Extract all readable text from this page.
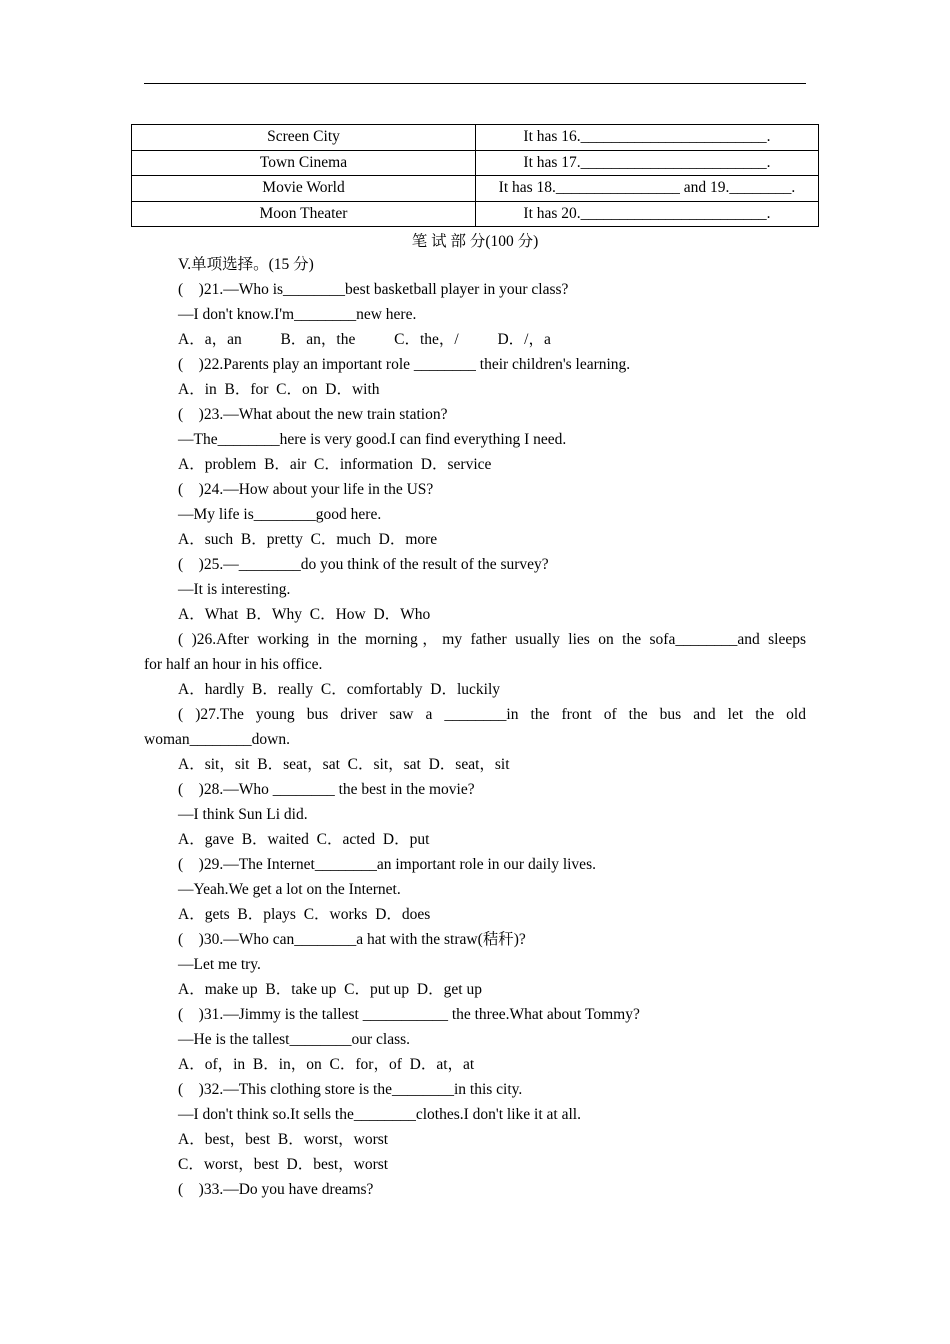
Screen City	It has 16.________________________.
Town Cinema	It has 17.________________________.
Movie World	It has 18.________________ and 19.________.
Moon Theater	It has 20.________________________.
笔 试 部 分(100 分)
V.单项选择。(15 分)
(    )21.—Who is________best basketball player in your class?
—I don't know.I'm________new here.
A．a，an          B．an，the          C．the，/          D．/，a
(    )22.Parents play an important role ________ their children's learning.
A．in  B．for  C．on  D．with
(    )23.—What about the new train station?
—The________here is very good.I can find everything I need.
A．problem  B．air  C．information  D．service
(    )24.—How about your life in the US?
—My life is________good here.
A．such  B．pretty  C．much  D．more
(    )25.—________do you think of the result of the survey?
—It is interesting.
A．What  B．Why  C．How  D．Who
( )26.After working in the morning，my father usually lies on the sofa________and sleeps
for half an hour in his office.
A．hardly  B．really  C．comfortably  D．luckily
( )27.The young bus driver saw a ________in the front of the bus and let the old
woman________down.
A．sit，sit  B．seat，sat  C．sit，sat  D．seat，sit
(    )28.—Who ________ the best in the movie?
—I think Sun Li did.
A．gave  B．waited  C．acted  D．put
(    )29.—The Internet________an important role in our daily lives.
—Yeah.We get a lot on the Internet.
A．gets  B．plays  C．works  D．does
(    )30.—Who can________a hat with the straw(秸秆)?
—Let me try.
A．make up  B．take up  C．put up  D．get up
(    )31.—Jimmy is the tallest ___________ the three.What about Tommy?
—He is the tallest________our class.
A．of，in  B．in，on  C．for，of  D．at，at
(    )32.—This clothing store is the________in this city.
—I don't think so.It sells the________clothes.I don't like it at all.
A．best，best  B．worst，worst
C．worst，best  D．best，worst
(    )33.—Do you have dreams?
